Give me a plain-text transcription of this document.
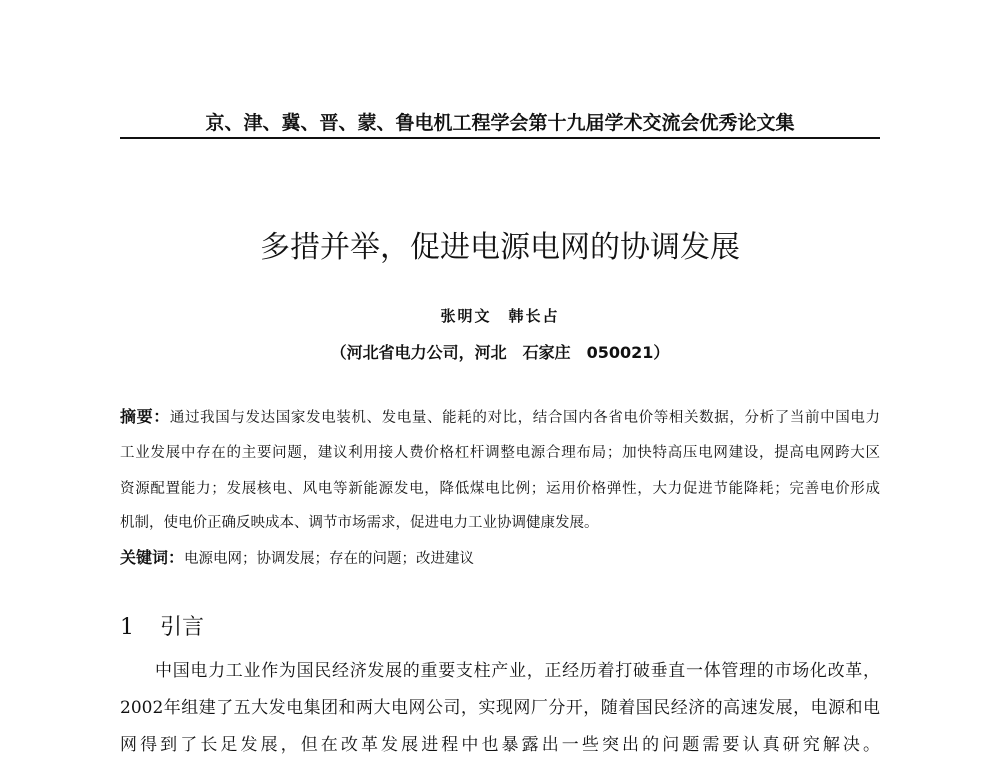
京、津、冀、晋、蒙、鲁电机工程学会第十九届学术交流会优秀论文集
多措并举，促进电源电网的协调发展
张明文　韩长占
（河北省电力公司，河北　石家庄　050021）
摘要：通过我国与发达国家发电装机、发电量、能耗的对比，结合国内各省电价等相关数据，分析了当前中国电力
工业发展中存在的主要问题，建议利用接人费价格杠杆调整电源合理布局；加快特高压电网建设，提高电网跨大区
资源配置能力；发展核电、风电等新能源发电，降低煤电比例；运用价格弹性，大力促进节能降耗；完善电价形成
机制，使电价正确反映成本、调节市场需求，促进电力工业协调健康发展。
关键词：电源电网；协调发展；存在的问题；改进建议
1 引言
中国电力工业作为国民经济发展的重要支柱产业，正经历着打破垂直一体管理的市场化改革，
2002年组建了五大发电集团和两大电网公司，实现网厂分开，随着国民经济的高速发展，电源和电
网得到了长足发展，但在改革发展进程中也暴露出一些突出的问题需要认真研究解决。
